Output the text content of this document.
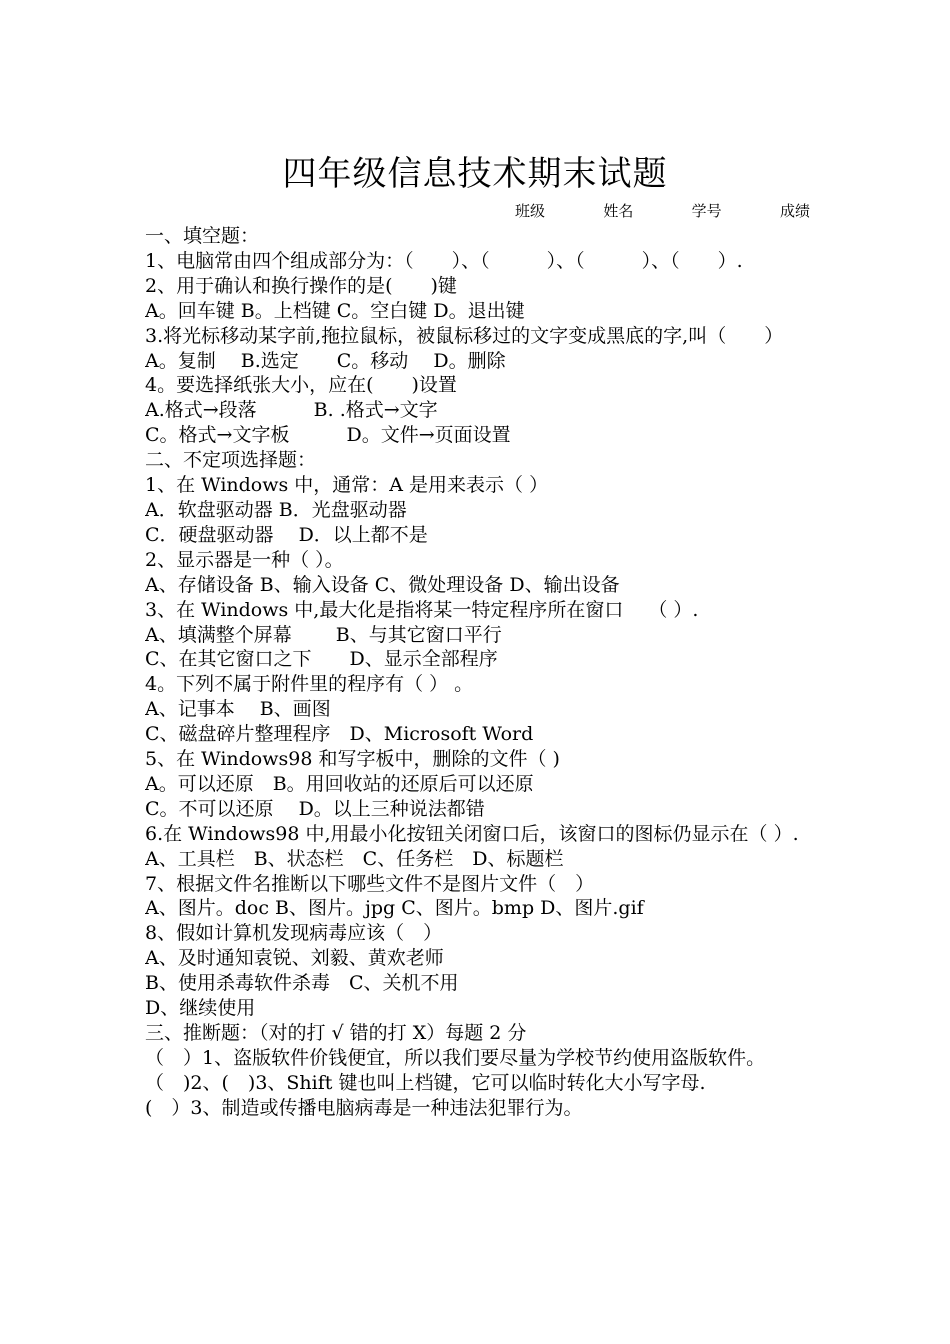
四年级信息技术期末试题
班级	姓名	学号	成绩
一、填空题：
1、电脑常由四个组成部分为：（　　）、（　　　）、（　　　）、（　　）.
2、用于确认和换行操作的是(　　)键
A。回车键 B。上档键 C。空白键 D。退出键
3.将光标移动某字前,拖拉鼠标，被鼠标移过的文字变成黑底的字,叫（　　）
A。复制　 B.选定　　C。移动　 D。删除
4。要选择纸张大小，应在(　　)设置
A.格式→段落　　　B. .格式→文字
C。格式→文字板　　　D。文件→页面设置
二、不定项选择题：
1、在 Windows 中，通常：A 是用来表示（ ）
A．软盘驱动器 B．光盘驱动器
C．硬盘驱动器　 D．以上都不是
2、显示器是一种（ ）。
A、存储设备 B、输入设备 C、微处理设备 D、输出设备
3、在 Windows 中,最大化是指将某一特定程序所在窗口　 （ ）.
A、填满整个屏幕　　 B、与其它窗口平行
C、在其它窗口之下　　D、显示全部程序
4。下列不属于附件里的程序有（ ） 。
A、记事本　 B、画图
C、磁盘碎片整理程序　D、Microsoft Word
5、在 Windows98 和写字板中，删除的文件（ )
A。可以还原　B。用回收站的还原后可以还原
C。不可以还原　 D。以上三种说法都错
6.在 Windows98 中,用最小化按钮关闭窗口后，该窗口的图标仍显示在（ ）.
A、工具栏　B、状态栏　C、任务栏　D、标题栏
7、根据文件名推断以下哪些文件不是图片文件（　）
A、图片。doc B、图片。jpg C、图片。bmp D、图片.gif
8、假如计算机发现病毒应该（　）
A、及时通知袁锐、刘毅、黄欢老师
B、使用杀毒软件杀毒　C、关机不用
D、继续使用
三、推断题：（对的打 √ 错的打 X）每题 2 分
（　）1、盗版软件价钱便宜，所以我们要尽量为学校节约使用盗版软件。
（　)2、(　)3、Shift 键也叫上档键，它可以临时转化大小写字母.
(　）3、制造或传播电脑病毒是一种违法犯罪行为。
